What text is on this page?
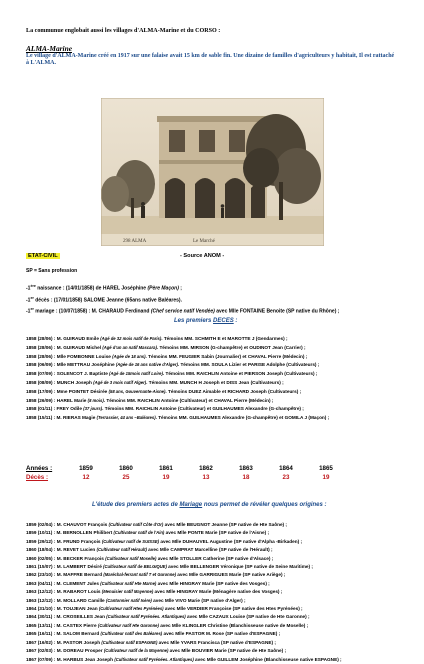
La communue englobait aussi les villages d'ALMA-Marine et du CORSO :
ALMA-Marine
Le village d'ALMA-Marine créé en 1917 sur une falaise avait 15 km de sable fin. Une dizaine de familles d'agriculteurs y habitait, Il est rattaché à L'ALMA.
298 ALMA	Le Marché
ETAT-CIVIL	- Source ANOM -
SP = Sans profession
-1ère naissance : (14/01/1858) de HAREL Joséphine (Père Maçon) ;
-1er décès : (17/01/1858) SALOME Jeanne (65ans native Baléares).
-1er mariage : (10/07/1858) : M. CHARAUD Ferdinand (Chef service natif Vendée) avec Mlle FONTAINE Benoite (SP native du Rhône) ;
Les premiers DECES :
1858 (28/06) : M. GUIRAUD Emile (Agé de 32 mois natif de Paris). Témoins MM. SCHMITH E et MAROTTE J (Gendarmes) ;
1858 (28/06) : M. GUIRAUD Michel (Agé d'un an natif Mascara). Témoins MM. MIRSON (G-champêtre) et OUDINOT Jean (Carrier) ;
1858 (28/06) : Mlle FOMBONNE Louise (Agée de 18 ans). Témoins MM. FEUGIER Sabin (Journalier) et CHAVAL Pierre (Médecin) ;
1858 (06/09) : Mlle METTRAU Joséphine (Agée de 16 ans native d'Alger). Témoins MM. SOULA Lizier et PARISE Adolphe (Cultivateurs) ;
1858 (07/09) : SOLENCOT J. Baptiste (Agé de 15mois natif Loire). Témoins MM. RAICHLIN Antoine et PIERSON Joseph (Cultivateurs) ;
1858 (08/09) : MUNCH Joseph (Agé de 3 mois natif Alger). Témoins MM. MUNCH H Joseph et DISS Jean (Cultivateurs) ;
1858 (17/09) : Mme POINTET Désirée (58 ans, Gouvernante-Aisne). Témoins DUEZ Aimable et RICHARD Joseph (Cultivateurs) ;
1858 (26/09) : HAREL Marie (8 mois). Témoins MM. RAICHLIN Antoine (Cultivateur) et CHAVAL Pierre (Médecin) ;
1858 (01/11) : FREY Odile (37 jours). Témoins MM. RAICHLIN Antoine (Cultivateur) et GUILHAUMES Alexandre (G-champêtre) ;
1858 (15/11) : M. RIERAS Magie (Terrassier, 44 ans –Baléares). Témoins MM. GUILHAUMES Alexandre (G-champêtre) et GOMILA J (Maçon) ;
Années :	1859	1860	1861	1862	1863	1864	1865
Décès :	12	25	19	13	18	23	19
L'étude des premiers actes de Mariage nous permet de révéler quelques origines :
1859 (02/04) : M. CHAUVOT François (Cultivateur natif Côte d'Or) avec Mlle BEUGNOT Jeanne (SP native de Hte Saône) ;
1859 (10/11) : M. BERNOLLEN Philibert (Cultivateur natif de l'Ain) avec Mlle PONTE Marie (SP native de l'Aisne) ;
1859 (29/12) : M. FRUND François (Cultivateur natif de SUISSE) avec Mlle DUHAUVEL Augustine (SP native d'Alpha -Birkaden) ;
1860 (18/04) : M. REVET Lucien (Cultivateur natif Hérault) avec Mlle CAMPRAT Marcelline (SP native de l'Hérault) ;
1860 (02/05) : M. BECKER François (Cultivateur natif Moselle) avec Mlle STOLLER Catherine (SP native d'Alsace) ;
1861 (15/07) : M. LAMBERT Désiré (Cultivateur natif de BELGIQUE) avec Mlle BELLENGER Véronique (SP native de Seine Maritime) ;
1862 (23/10) : M. MAFFRE Bernard (Maréchal-ferrant natif T et Garonne) avec Mlle GARRIGUES Marie (SP native Ariège) ;
1863 (04/11) : M. CLEMENT Jules (Cultivateur natif Hte Marne) avec Mlle HINGRAY Marie (SP native des Vosges) ;
1863 (12/12) : M. RABAROT Louis (Menuisier natif Mayenne) avec Mlle HINGRAY Marie (Ménagère native des Vosges) ;
1863 (12/12) : M. MOLLARD Camille (Cantonnier natif Isère) avec Mlle VIVO Marie (SP native d'Alger) ;
1864 (31/10) : M. TOUJEAN Jean (Cultivateur natif Htes Pyrénées) avec Mlle VERDIER Françoise (SP native des Htes Pyrénées) ;
1864 (30/11) : M. CROSEILLES Jean (Cultivateur natif Pyrénées. Atlantiques) avec Mlle CAZAUX Louise (SP native de Hte Garonne) ;
1865 (13/11) : M. CASTEX Pierre (Cultivateur natif Hte Garonne) avec Mlle KLINGLER Christine (Blanchisseuse native de Moselle) ;
1865 (16/11) : M. SALOM Bernard (Cultivateur natif des Baléares) avec Mlle PASTOR M. Rose (SP native d'ESPAGNE) ;
1867 (16/02) : M. PASTOR Joseph (Cultivateur natif ESPAGNE) avec Mlle YVARS Francisca (SP native d'ESPAGNE) ;
1867 (02/03) : M. DOREAU Prosper (Cultivateur natif de la Mayenne) avec Mlle BOUVIER Marie (SP native de Hte Saône) ;
1867 (07/09) : M. HARBUS Jean Joseph (Cultivateur natif Pyrénées. Atlantiques) avec Mlle GUILLEM Joséphine (Blanchisseuse native ESPAGNE) ;
